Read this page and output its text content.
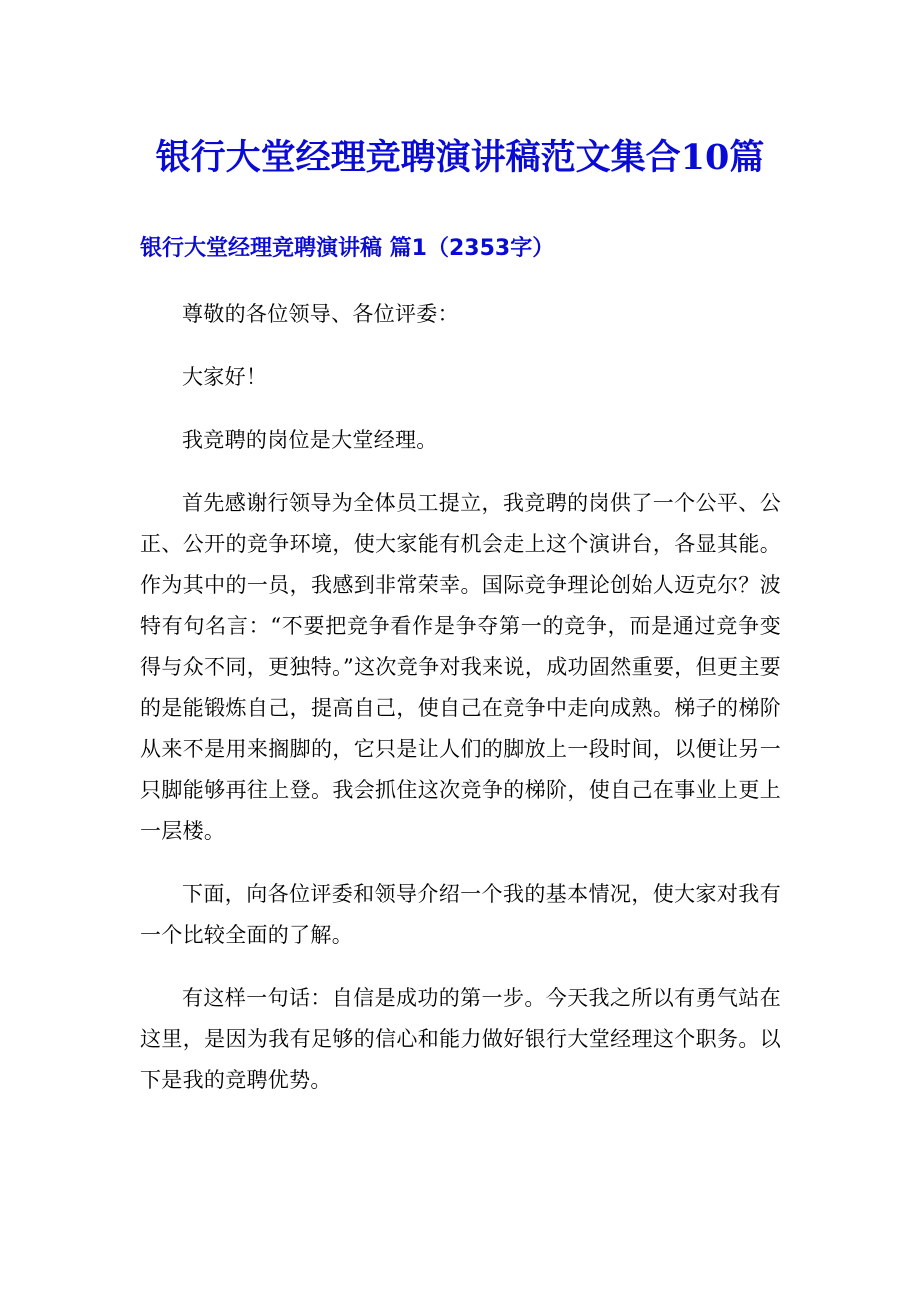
银行大堂经理竞聘演讲稿范文集合10篇
银行大堂经理竞聘演讲稿 篇1（2353字）

尊敬的各位领导、各位评委：

大家好！

我竞聘的岗位是大堂经理。

首先感谢行领导为全体员工提立，我竞聘的岗供了一个公平、公正、公开的竞争环境，使大家能有机会走上这个演讲台，各显其能。作为其中的一员，我感到非常荣幸。国际竞争理论创始人迈克尔？波特有句名言：“不要把竞争看作是争夺第一的竞争，而是通过竞争变得与众不同，更独特。”这次竞争对我来说，成功固然重要，但更主要的是能锻炼自己，提高自己，使自己在竞争中走向成熟。梯子的梯阶从来不是用来搁脚的，它只是让人们的脚放上一段时间，以便让另一只脚能够再往上登。我会抓住这次竞争的梯阶，使自己在事业上更上一层楼。

下面，向各位评委和领导介绍一个我的基本情况，使大家对我有一个比较全面的了解。

有这样一句话：自信是成功的第一步。今天我之所以有勇气站在这里，是因为我有足够的信心和能力做好银行大堂经理这个职务。以下是我的竞聘优势。
